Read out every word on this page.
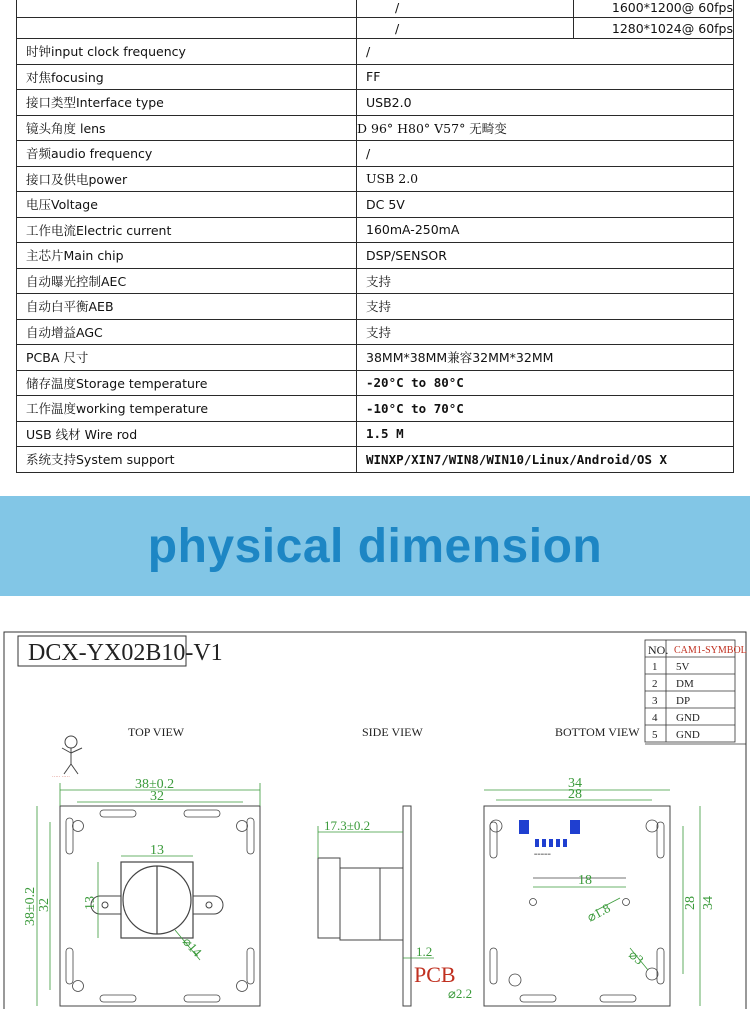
/ 1600*1200@ 60fps

/ 1280*1024@ 60fps

时钟input clock frequency	/
对焦focusing	FF
接口类型Interface type	USB2.0
镜头角度 lens	D 96° H80° V57° 无畸变
音频audio frequency	/
接口及供电power	USB 2.0
电压Voltage	DC 5V
工作电流Electric current	160mA-250mA
主芯片Main chip	DSP/SENSOR
自动曝光控制AEC	支持
自动白平衡AEB	支持
自动增益AGC	支持
PCBA 尺寸	38MM*38MM兼容32MM*32MM
储存温度Storage temperature	-20°C to 80°C
工作温度working temperature	-10°C to 70°C
USB 线材 Wire rod	1.5 M
系统支持System support	WINXP/XIN7/WIN8/WIN10/Linux/Android/OS X
physical dimension
DCX-YX02B10-V1	NO. CAM1-SYMBOL
1 5V
2 DM
3 DP
4 GND
5 GND
TOP VIEW	SIDE VIEW	BOTTOM VIEW
····· ·····	38±0.2
32
13
38±0.2 32 13
⌀14
17.3±0.2
1.2
PCB
⌀2.2
≡≡≡≡≡
34
28
18
⌀1.8	28 34
⌀3
